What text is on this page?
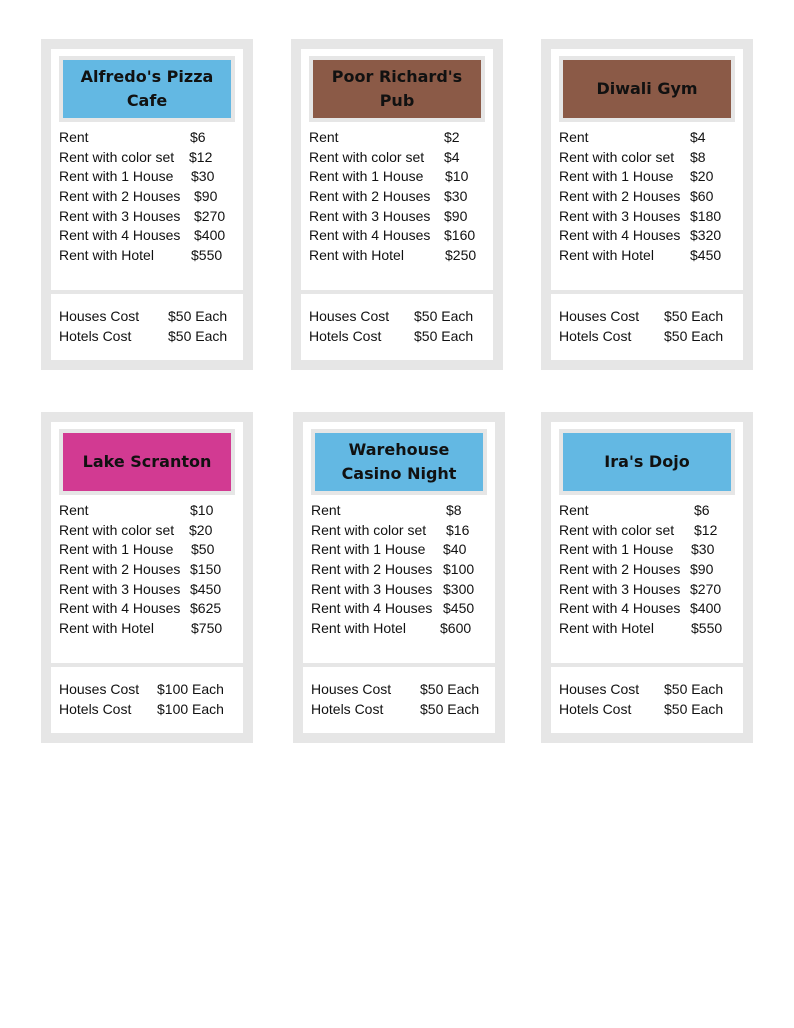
Alfredo's Pizza Cafe
Rent	$6
Rent with color set $12
Rent with 1 House $30
Rent with 2 Houses $90
Rent with 3 Houses $270
Rent with 4 Houses $400
Rent with Hotel	$550
Houses Cost $50 Each
Hotels Cost	$50 Each
Poor Richard's Pub
Rent	$2
Rent with color set $4
Rent with 1 House $10
Rent with 2 Houses $30
Rent with 3 Houses $90
Rent with 4 Houses $160
Rent with Hotel	$250
Houses Cost $50 Each
Hotels Cost $50 Each
Diwali Gym
Rent	$4
Rent with color set $8
Rent with 1 House $20
Rent with 2 Houses $60
Rent with 3 Houses $180
Rent with 4 Houses $320
Rent with Hotel	$450
Houses Cost $50 Each
Hotels Cost $50 Each
Lake Scranton
Rent	$10
Rent with color set $20
Rent with 1 House $50
Rent with 2 Houses $150
Rent with 3 Houses $450
Rent with 4 Houses $625
Rent with Hotel	$750
Houses Cost $100 Each
Hotels Cost $100 Each
Warehouse Casino Night
Rent	$8
Rent with color set $16
Rent with 1 House $40
Rent with 2 Houses $100
Rent with 3 Houses $300
Rent with 4 Houses $450
Rent with Hotel $600
Houses Cost $50 Each
Hotels Cost	$50 Each
Ira's Dojo
Rent	$6
Rent with color set $12
Rent with 1 House $30
Rent with 2 Houses $90
Rent with 3 Houses $270
Rent with 4 Houses $400
Rent with Hotel	$550
Houses Cost $50 Each
Hotels Cost $50 Each
